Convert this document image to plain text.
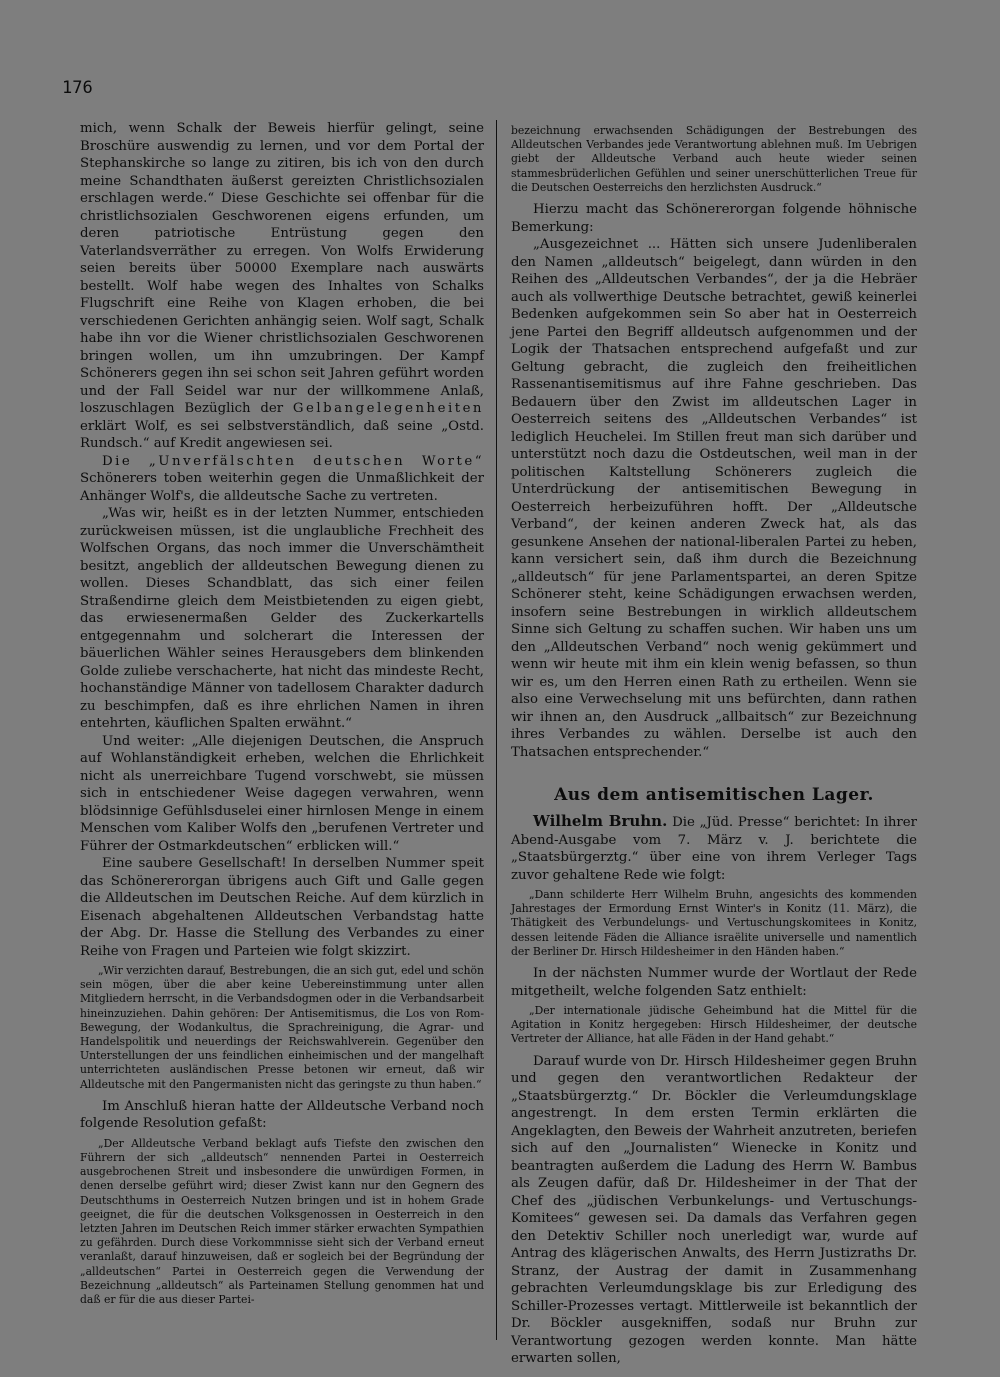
176

mich, wenn Schalk der Beweis hierfür gelingt, seine Broschüre auswendig zu lernen, und vor dem Portal der Stephanskirche so lange zu zitiren, bis ich von den durch meine Schandthaten äußerst gereizten Christlichsozialen erschlagen werde.“ Diese Geschichte sei offenbar für die christlichsozialen Geschworenen eigens erfunden, um deren patriotische Entrüstung gegen den Vaterlandsverräther zu erregen. Von Wolfs Erwiderung seien bereits über 50000 Exemplare nach auswärts bestellt. Wolf habe wegen des Inhaltes von Schalks Flugschrift eine Reihe von Klagen erhoben, die bei verschiedenen Gerichten anhängig seien. Wolf sagt, Schalk habe ihn vor die Wiener christlichsozialen Geschworenen bringen wollen, um ihn umzubringen. Der Kampf Schönerers gegen ihn sei schon seit Jahren geführt worden und der Fall Seidel war nur der willkommene Anlaß, loszuschlagen Bezüglich der Gelbangelegenheiten erklärt Wolf, es sei selbstverständlich, daß seine „Ostd. Rundsch.“ auf Kredit angewiesen sei.

Die „Unverfälschten deutschen Worte“ Schönerers toben weiterhin gegen die Unmaßlichkeit der Anhänger Wolf's, die alldeutsche Sache zu vertreten.

„Was wir, heißt es in der letzten Nummer, entschieden zurückweisen müssen, ist die unglaubliche Frechheit des Wolfschen Organs, das noch immer die Unverschämtheit besitzt, angeblich der alldeutschen Bewegung dienen zu wollen. Dieses Schandblatt, das sich einer feilen Straßendirne gleich dem Meistbietenden zu eigen giebt, das erwiesenermaßen Gelder des Zuckerkartells entgegennahm und solcherart die Interessen der bäuerlichen Wähler seines Herausgebers dem blinkenden Golde zuliebe verschacherte, hat nicht das mindeste Recht, hochanständige Männer von tadellosem Charakter dadurch zu beschimpfen, daß es ihre ehrlichen Namen in ihren entehrten, käuflichen Spalten erwähnt.“

Und weiter: „Alle diejenigen Deutschen, die Anspruch auf Wohlanständigkeit erheben, welchen die Ehrlichkeit nicht als unerreichbare Tugend vorschwebt, sie müssen sich in entschiedener Weise dagegen verwahren, wenn blödsinnige Gefühlsduselei einer hirnlosen Menge in einem Menschen vom Kaliber Wolfs den „berufenen Vertreter und Führer der Ostmarkdeutschen“ erblicken will.“

Eine saubere Gesellschaft! In derselben Nummer speit das Schönererorgan übrigens auch Gift und Galle gegen die Alldeutschen im Deutschen Reiche. Auf dem kürzlich in Eisenach abgehaltenen Alldeutschen Verbandstag hatte der Abg. Dr. Hasse die Stellung des Verbandes zu einer Reihe von Fragen und Parteien wie folgt skizzirt.

„Wir verzichten darauf, Bestrebungen, die an sich gut, edel und schön sein mögen, über die aber keine Uebereinstimmung unter allen Mitgliedern herrscht, in die Verbandsdogmen oder in die Verbandsarbeit hineinzuziehen. Dahin gehören: Der Antisemitismus, die Los von Rom-Bewegung, der Wodankultus, die Sprachreinigung, die Agrar- und Handelspolitik und neuerdings der Reichswahlverein. Gegenüber den Unterstellungen der uns feindlichen einheimischen und der mangelhaft unterrichteten ausländischen Presse betonen wir erneut, daß wir Alldeutsche mit den Pangermanisten nicht das geringste zu thun haben.“

Im Anschluß hieran hatte der Alldeutsche Verband noch folgende Resolution gefaßt:

„Der Alldeutsche Verband beklagt aufs Tiefste den zwischen den Führern der sich „alldeutsch“ nennenden Partei in Oesterreich ausgebrochenen Streit und insbesondere die unwürdigen Formen, in denen derselbe geführt wird; dieser Zwist kann nur den Gegnern des Deutschthums in Oesterreich Nutzen bringen und ist in hohem Grade geeignet, die für die deutschen Volksgenossen in Oesterreich in den letzten Jahren im Deutschen Reich immer stärker erwachten Sympathien zu gefährden. Durch diese Vorkommnisse sieht sich der Verband erneut veranlaßt, darauf hinzuweisen, daß er sogleich bei der Begründung der „alldeutschen“ Partei in Oesterreich gegen die Verwendung der Bezeichnung „alldeutsch“ als Parteinamen Stellung genommen hat und daß er für die aus dieser Partei-

bezeichnung erwachsenden Schädigungen der Bestrebungen des Alldeutschen Verbandes jede Verantwortung ablehnen muß. Im Uebrigen giebt der Alldeutsche Verband auch heute wieder seinen stammesbrüderlichen Gefühlen und seiner unerschütterlichen Treue für die Deutschen Oesterreichs den herzlichsten Ausdruck.“

Hierzu macht das Schönererorgan folgende höhnische Bemerkung:

„Ausgezeichnet ... Hätten sich unsere Judenliberalen den Namen „alldeutsch“ beigelegt, dann würden in den Reihen des „Alldeutschen Verbandes“, der ja die Hebräer auch als vollwerthige Deutsche betrachtet, gewiß keinerlei Bedenken aufgekommen sein So aber hat in Oesterreich jene Partei den Begriff alldeutsch aufgenommen und der Logik der Thatsachen entsprechend aufgefaßt und zur Geltung gebracht, die zugleich den freiheitlichen Rassenantisemitismus auf ihre Fahne geschrieben. Das Bedauern über den Zwist im alldeutschen Lager in Oesterreich seitens des „Alldeutschen Verbandes“ ist lediglich Heuchelei. Im Stillen freut man sich darüber und unterstützt noch dazu die Ostdeutschen, weil man in der politischen Kaltstellung Schönerers zugleich die Unterdrückung der antisemitischen Bewegung in Oesterreich herbeizuführen hofft. Der „Alldeutsche Verband“, der keinen anderen Zweck hat, als das gesunkene Ansehen der national-liberalen Partei zu heben, kann versichert sein, daß ihm durch die Bezeichnung „alldeutsch“ für jene Parlamentspartei, an deren Spitze Schönerer steht, keine Schädigungen erwachsen werden, insofern seine Bestrebungen in wirklich alldeutschem Sinne sich Geltung zu schaffen suchen. Wir haben uns um den „Alldeutschen Verband“ noch wenig gekümmert und wenn wir heute mit ihm ein klein wenig befassen, so thun wir es, um den Herren einen Rath zu ertheilen. Wenn sie also eine Verwechselung mit uns befürchten, dann rathen wir ihnen an, den Ausdruck „allbaitsch“ zur Bezeichnung ihres Verbandes zu wählen. Derselbe ist auch den Thatsachen entsprechender.“

Aus dem antisemitischen Lager.

Wilhelm Bruhn. Die „Jüd. Presse“ berichtet: In ihrer Abend-Ausgabe vom 7. März v. J. berichtete die „Staatsbürgerztg.“ über eine von ihrem Verleger Tags zuvor gehaltene Rede wie folgt:

„Dann schilderte Herr Wilhelm Bruhn, angesichts des kommenden Jahrestages der Ermordung Ernst Winter's in Konitz (11. März), die Thätigkeit des Verbundelungs- und Vertuschungskomitees in Konitz, dessen leitende Fäden die Alliance israëlite universelle und namentlich der Berliner Dr. Hirsch Hildesheimer in den Händen haben.“

In der nächsten Nummer wurde der Wortlaut der Rede mitgetheilt, welche folgenden Satz enthielt:

„Der internationale jüdische Geheimbund hat die Mittel für die Agitation in Konitz hergegeben: Hirsch Hildesheimer, der deutsche Vertreter der Alliance, hat alle Fäden in der Hand gehabt.“

Darauf wurde von Dr. Hirsch Hildesheimer gegen Bruhn und gegen den verantwortlichen Redakteur der „Staatsbürgerztg.“ Dr. Böckler die Verleumdungsklage angestrengt. In dem ersten Termin erklärten die Angeklagten, den Beweis der Wahrheit anzutreten, beriefen sich auf den „Journalisten“ Wienecke in Konitz und beantragten außerdem die Ladung des Herrn W. Bambus als Zeugen dafür, daß Dr. Hildesheimer in der That der Chef des „jüdischen Verbunkelungs- und Vertuschungs-Komitees“ gewesen sei. Da damals das Verfahren gegen den Detektiv Schiller noch unerledigt war, wurde auf Antrag des klägerischen Anwalts, des Herrn Justizraths Dr. Stranz, der Austrag der damit in Zusammenhang gebrachten Verleumdungsklage bis zur Erledigung des Schiller-Prozesses vertagt. Mittlerweile ist bekanntlich der Dr. Böckler ausgekniffen, sodaß nur Bruhn zur Verantwortung gezogen werden konnte. Man hätte erwarten sollen,
